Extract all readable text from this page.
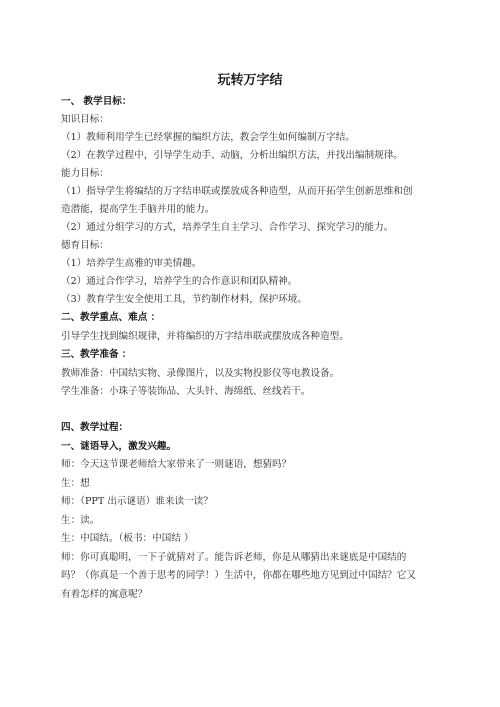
玩转万字结
一、 教学目标：
知识目标：
（1）教师利用学生已经掌握的编织方法，教会学生如何编制万字结。
（2）在教学过程中，引导学生动手、动脑，分析出编织方法，并找出编制规律。
能力目标：
（1）指导学生将编结的万字结串联或摆放成各种造型，从而开拓学生创新思维和创
造潜能，提高学生手脑并用的能力。
（2）通过分组学习的方式，培养学生自主学习、合作学习、探究学习的能力。
德育目标：
（1）培养学生高雅的审美情趣。
（2）通过合作学习，培养学生的合作意识和团队精神。
（3）教育学生安全使用工具，节约制作材料，保护环境。
二、教学重点、难点 ：
引导学生找到编织规律，并将编织的万字结串联或摆放成各种造型。
三、教学准备 ：
教师准备：中国结实物、录像图片，以及实物投影仪等电教设备。
学生准备：小珠子等装饰品、大头针、海绵纸、丝线若干。
四、教学过程：
一、谜语导入，激发兴趣。
师：今天这节课老师给大家带来了一则谜语，想猜吗？
生：想
师：（PPT 出示谜语）谁来读一读？
生：读。
生：中国结。（板书：中国结 ）
师：你可真聪明，一下子就猜对了。能告诉老师，你是从哪猜出来谜底是中国结的
吗？（你真是一个善于思考的同学！）生活中，你都在哪些地方见到过中国结？它又
有着怎样的寓意呢？
